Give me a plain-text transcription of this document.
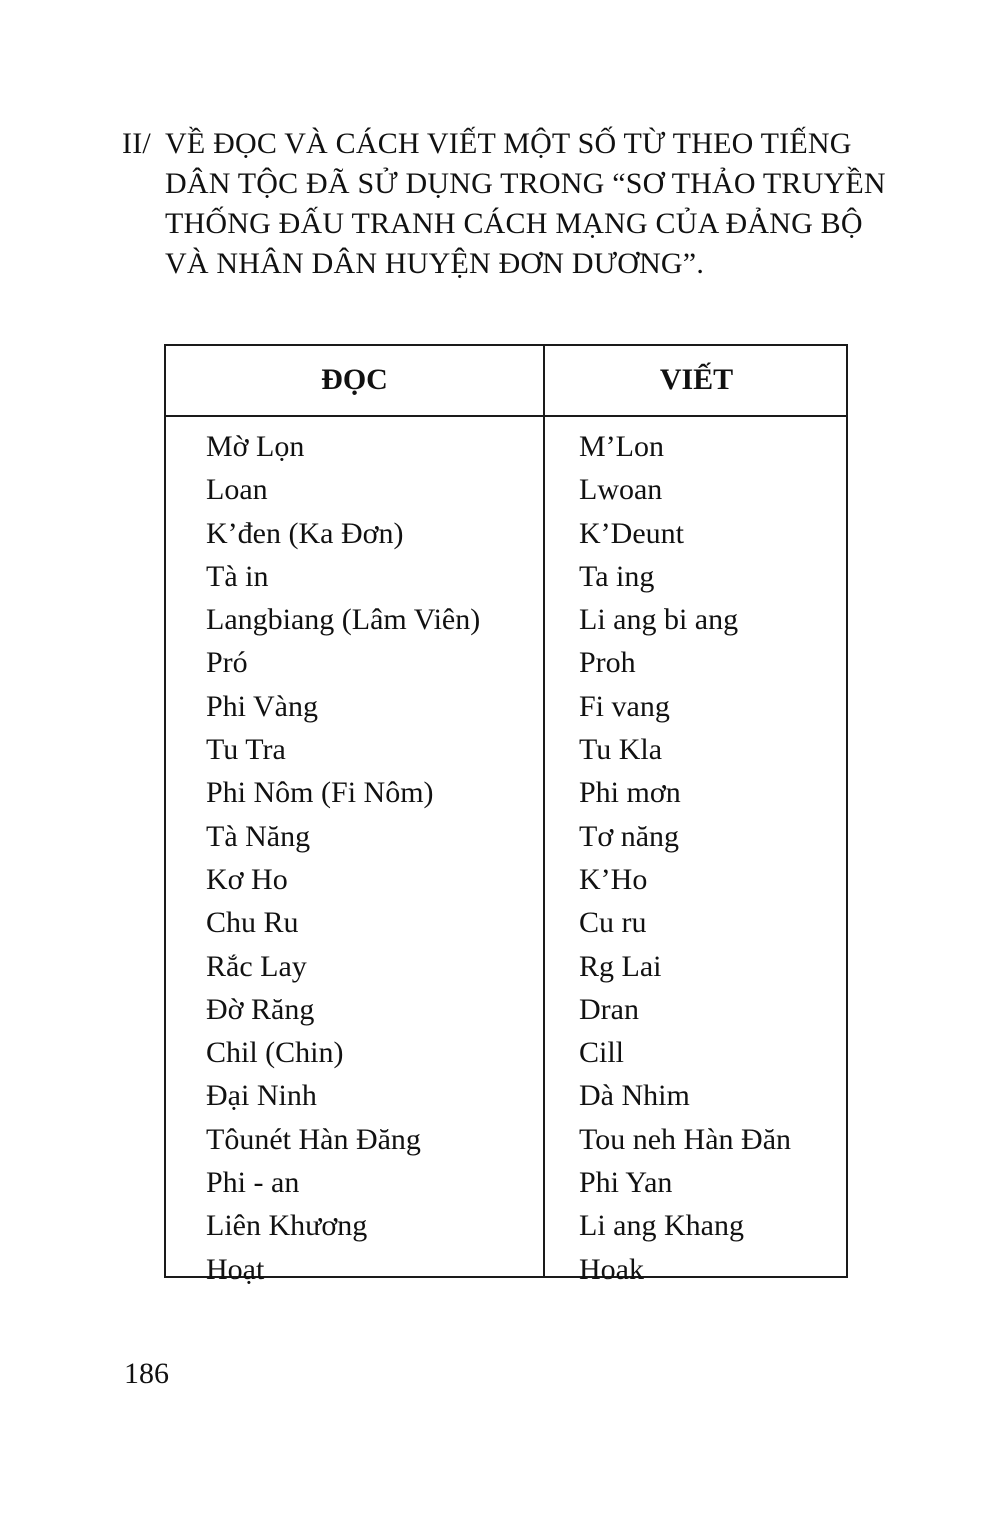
II/ VỀ ĐỌC VÀ CÁCH VIẾT MỘT SỐ TỪ THEO TIẾNG
DÂN TỘC ĐÃ SỬ DỤNG TRONG “SƠ THẢO TRUYỀN
THỐNG ĐẤU TRANH CÁCH MẠNG CỦA ĐẢNG BỘ
VÀ NHÂN DÂN HUYỆN ĐƠN DƯƠNG”.
ĐỌC	VIẾT
Mờ Lọn	M’Lon
Loan	Lwoan
K’đen (Ka Đơn)	K’Deunt
Tà in	Ta ing
Langbiang (Lâm Viên)	Li ang bi ang
Pró	Proh
Phi Vàng	Fi vang
Tu Tra	Tu Kla
Phi Nôm (Fi Nôm)	Phi mơn
Tà Năng	Tơ năng
Kơ Ho	K’Ho
Chu Ru	Cu ru
Rắc Lay	Rg Lai
Đờ Răng	Dran
Chil (Chin)	Cill
Đại Ninh	Dà Nhim
Tôunét Hàn Đăng	Tou neh Hàn Đăn
Phi - an	Phi Yan
Liên Khương	Li ang Khang
Hoạt	Hoak
186
